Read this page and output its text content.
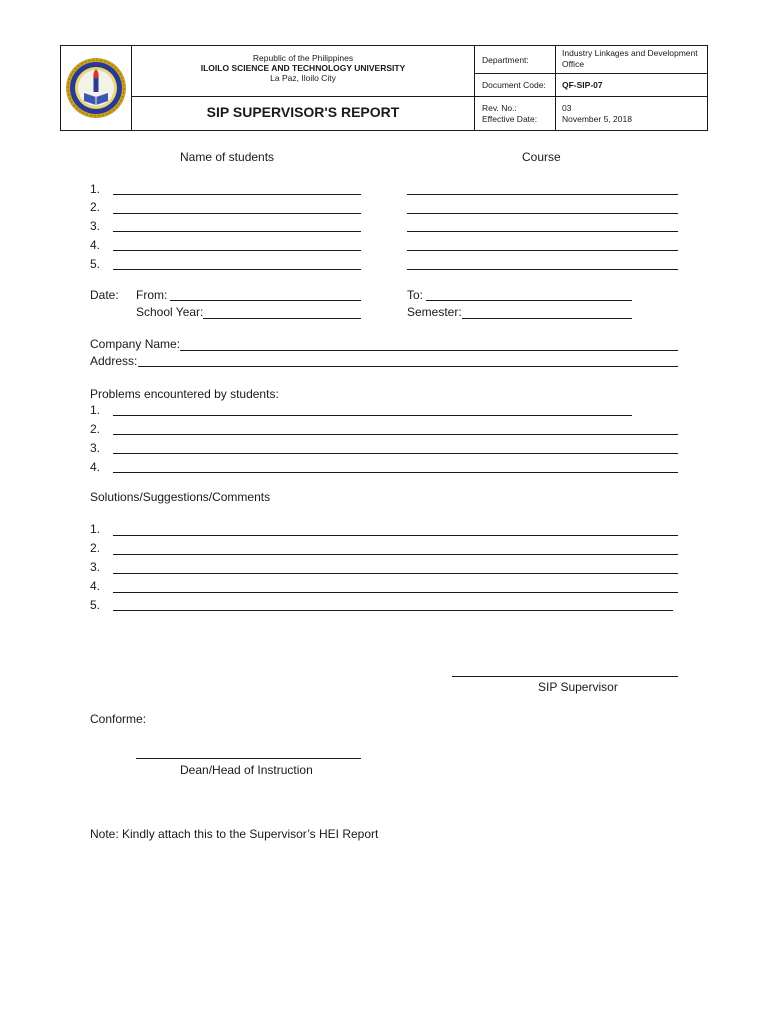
Republic of the Philippines
ILOILO SCIENCE AND TECHNOLOGY UNIVERSITY
La Paz, Iloilo City
SIP SUPERVISOR'S REPORT
Department:
Industry Linkages and Development Office
Document Code: QF-SIP-07
Rev. No.:	03
Effective Date:	November 5, 2018
Name of students	Course
1.
2.
3.
4.
5.
Date: From:	To:
School Year:	Semester:
Company Name:
Address:
Problems encountered by students:
1.
2.
3.
4.
Solutions/Suggestions/Comments
1.
2.
3.
4.
5.
SIP Supervisor
Conforme:
Dean/Head of Instruction
Note: Kindly attach this to the Supervisor’s HEI Report
